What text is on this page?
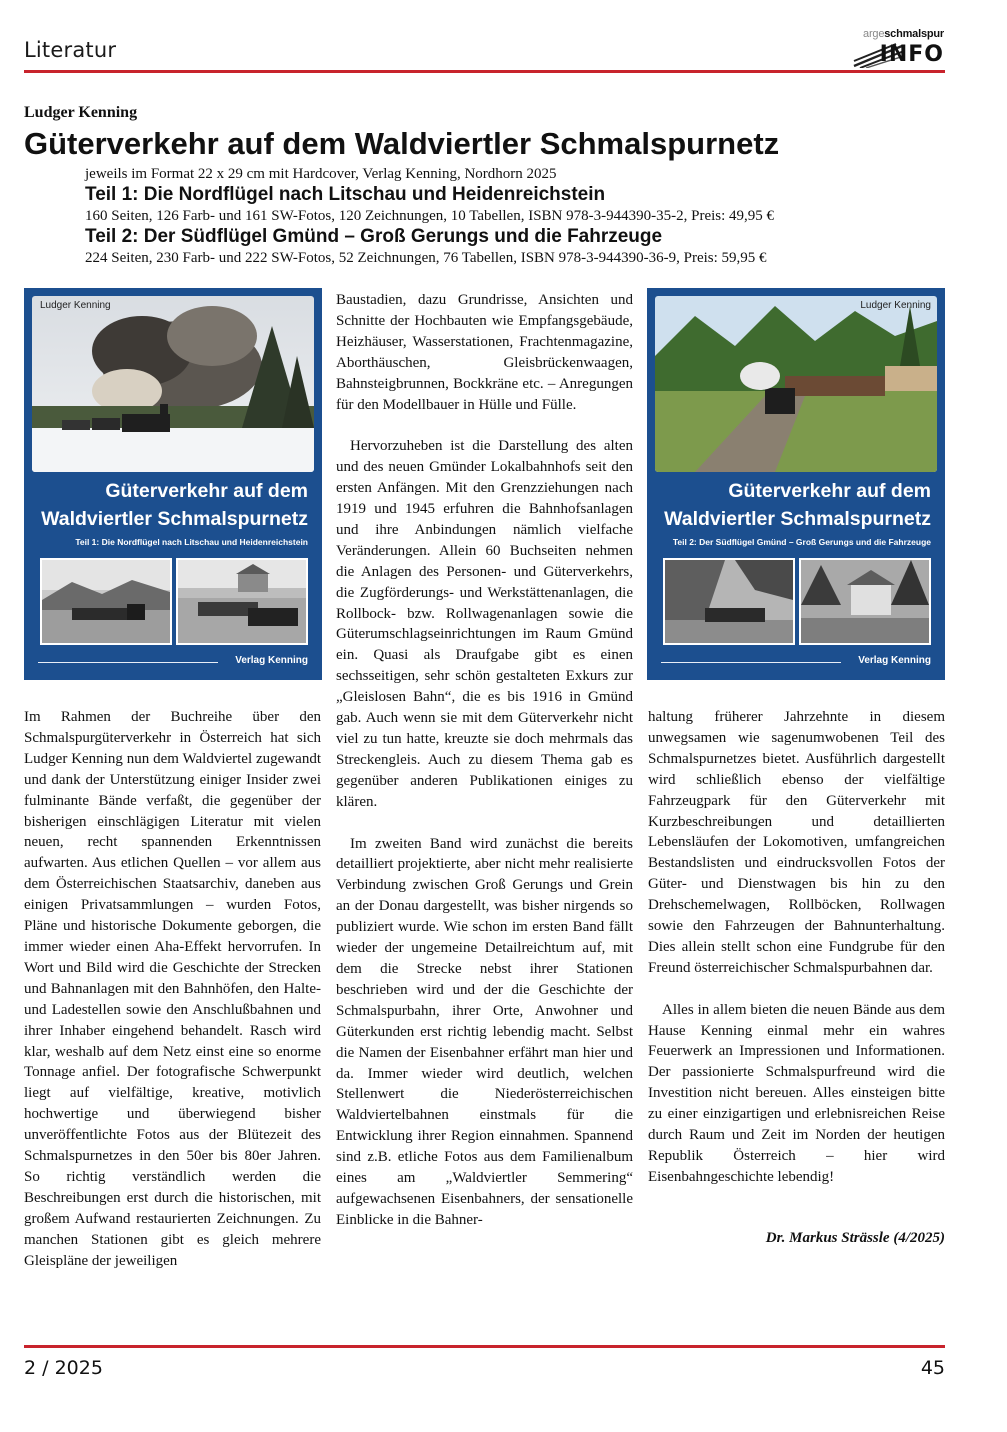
Literatur
argeschmalspur
INFO
Ludger Kenning
Güterverkehr auf dem Waldviertler Schmalspurnetz
jeweils im Format 22 x 29 cm mit Hardcover, Verlag Kenning, Nordhorn 2025
Teil 1: Die Nordflügel nach Litschau und Heidenreichstein
160 Seiten, 126 Farb- und 161 SW-Fotos, 120 Zeichnungen, 10 Tabellen, ISBN 978-3-944390-35-2, Preis: 49,95 €
Teil 2: Der Südflügel Gmünd – Groß Gerungs und die Fahrzeuge
224 Seiten, 230 Farb- und 222 SW-Fotos, 52 Zeichnungen, 76 Tabellen, ISBN 978-3-944390-36-9, Preis: 59,95 €
Ludger Kenning
Güterverkehr auf dem
Waldviertler Schmalspurnetz
Teil 1: Die Nordflügel nach Litschau und Heidenreichstein
Verlag Kenning
Ludger Kenning
Güterverkehr auf dem
Waldviertler Schmalspurnetz
Teil 2: Der Südflügel Gmünd – Groß Gerungs und die Fahrzeuge
Verlag Kenning

Im Rahmen der Buchreihe über den Schmalspurgüterverkehr in Österreich hat sich Ludger Kenning nun dem Waldviertel zugewandt und dank der Unterstützung einiger Insider zwei fulminante Bände verfaßt, die gegenüber der bisherigen einschlägigen Literatur mit vielen neuen, recht spannenden Erkenntnissen aufwarten. Aus etlichen Quellen – vor allem aus dem Österreichischen Staatsarchiv, daneben aus einigen Privatsammlungen – wurden Fotos, Pläne und historische Dokumente geborgen, die immer wieder einen Aha-Effekt hervorrufen. In Wort und Bild wird die Geschichte der Strecken und Bahnanlagen mit den Bahnhöfen, den Halte- und Ladestellen sowie den Anschlußbahnen und ihrer Inhaber eingehend behandelt. Rasch wird klar, weshalb auf dem Netz einst eine so enorme Tonnage anfiel. Der fotografische Schwerpunkt liegt auf vielfältige, kreative, motivlich hochwertige und überwiegend bisher unveröffentlichte Fotos aus der Blütezeit des Schmalspurnetzes in den 50er bis 80er Jahren. So richtig verständlich werden die Beschreibungen erst durch die historischen, mit großem Aufwand restaurierten Zeichnungen. Zu manchen Stationen gibt es gleich mehrere Gleispläne der jeweiligen

Baustadien, dazu Grundrisse, Ansichten und Schnitte der Hochbauten wie Empfangsgebäude, Heizhäuser, Wasserstationen, Frachtenmagazine, Aborthäuschen, Gleisbrückenwaagen, Bahnsteigbrunnen, Bockkräne etc. – Anregungen für den Modellbauer in Hülle und Fülle.

Hervorzuheben ist die Darstellung des alten und des neuen Gmünder Lokalbahnhofs seit den ersten Anfängen. Mit den Grenzziehungen nach 1919 und 1945 erfuhren die Bahnhofsanlagen und ihre Anbindungen nämlich vielfache Veränderungen. Allein 60 Buchseiten nehmen die Anlagen des Personen- und Güterverkehrs, die Zugförderungs- und Werkstättenanlagen, die Rollbock- bzw. Rollwagenanlagen sowie die Güterumschlagseinrichtungen im Raum Gmünd ein. Quasi als Draufgabe gibt es einen sechsseitigen, sehr schön gestalteten Exkurs zur „Gleislosen Bahn“, die es bis 1916 in Gmünd gab. Auch wenn sie mit dem Güterverkehr nicht viel zu tun hatte, kreuzte sie doch mehrmals das Streckengleis. Auch zu diesem Thema gab es gegenüber anderen Publikationen einiges zu klären.

Im zweiten Band wird zunächst die bereits detailliert projektierte, aber nicht mehr realisierte Verbindung zwischen Groß Gerungs und Grein an der Donau dargestellt, was bisher nirgends so publiziert wurde. Wie schon im ersten Band fällt wieder der ungemeine Detailreichtum auf, mit dem die Strecke nebst ihrer Stationen beschrieben wird und der die Geschichte der Schmalspurbahn, ihrer Orte, Anwohner und Güterkunden erst richtig lebendig macht. Selbst die Namen der Eisenbahner erfährt man hier und da. Immer wieder wird deutlich, welchen Stellenwert die Niederösterreichischen Waldviertelbahnen einstmals für die Entwicklung ihrer Region einnahmen. Spannend sind z.B. etliche Fotos aus dem Familienalbum eines am „Waldviertler Semmering“ aufgewachsenen Eisenbahners, der sensationelle Einblicke in die Bahner-

haltung früherer Jahrzehnte in diesem unwegsamen wie sagenumwobenen Teil des Schmalspurnetzes bietet. Ausführlich dargestellt wird schließlich ebenso der vielfältige Fahrzeugpark für den Güterverkehr mit Kurzbeschreibungen und detaillierten Lebensläufen der Lokomotiven, umfangreichen Bestandslisten und eindrucksvollen Fotos der Güter- und Dienstwagen bis hin zu den Drehschemelwagen, Rollböcken, Rollwagen sowie den Fahrzeugen der Bahnunterhaltung. Dies allein stellt schon eine Fundgrube für den Freund österreichischer Schmalspurbahnen dar.

Alles in allem bieten die neuen Bände aus dem Hause Kenning einmal mehr ein wahres Feuerwerk an Impressionen und Informationen. Der passionierte Schmalspurfreund wird die Investition nicht bereuen. Alles einsteigen bitte zu einer einzigartigen und erlebnisreichen Reise durch Raum und Zeit im Norden der heutigen Republik Österreich – hier wird Eisenbahngeschichte lebendig!

Dr. Markus Strässle (4/2025)

2 / 2025	45
